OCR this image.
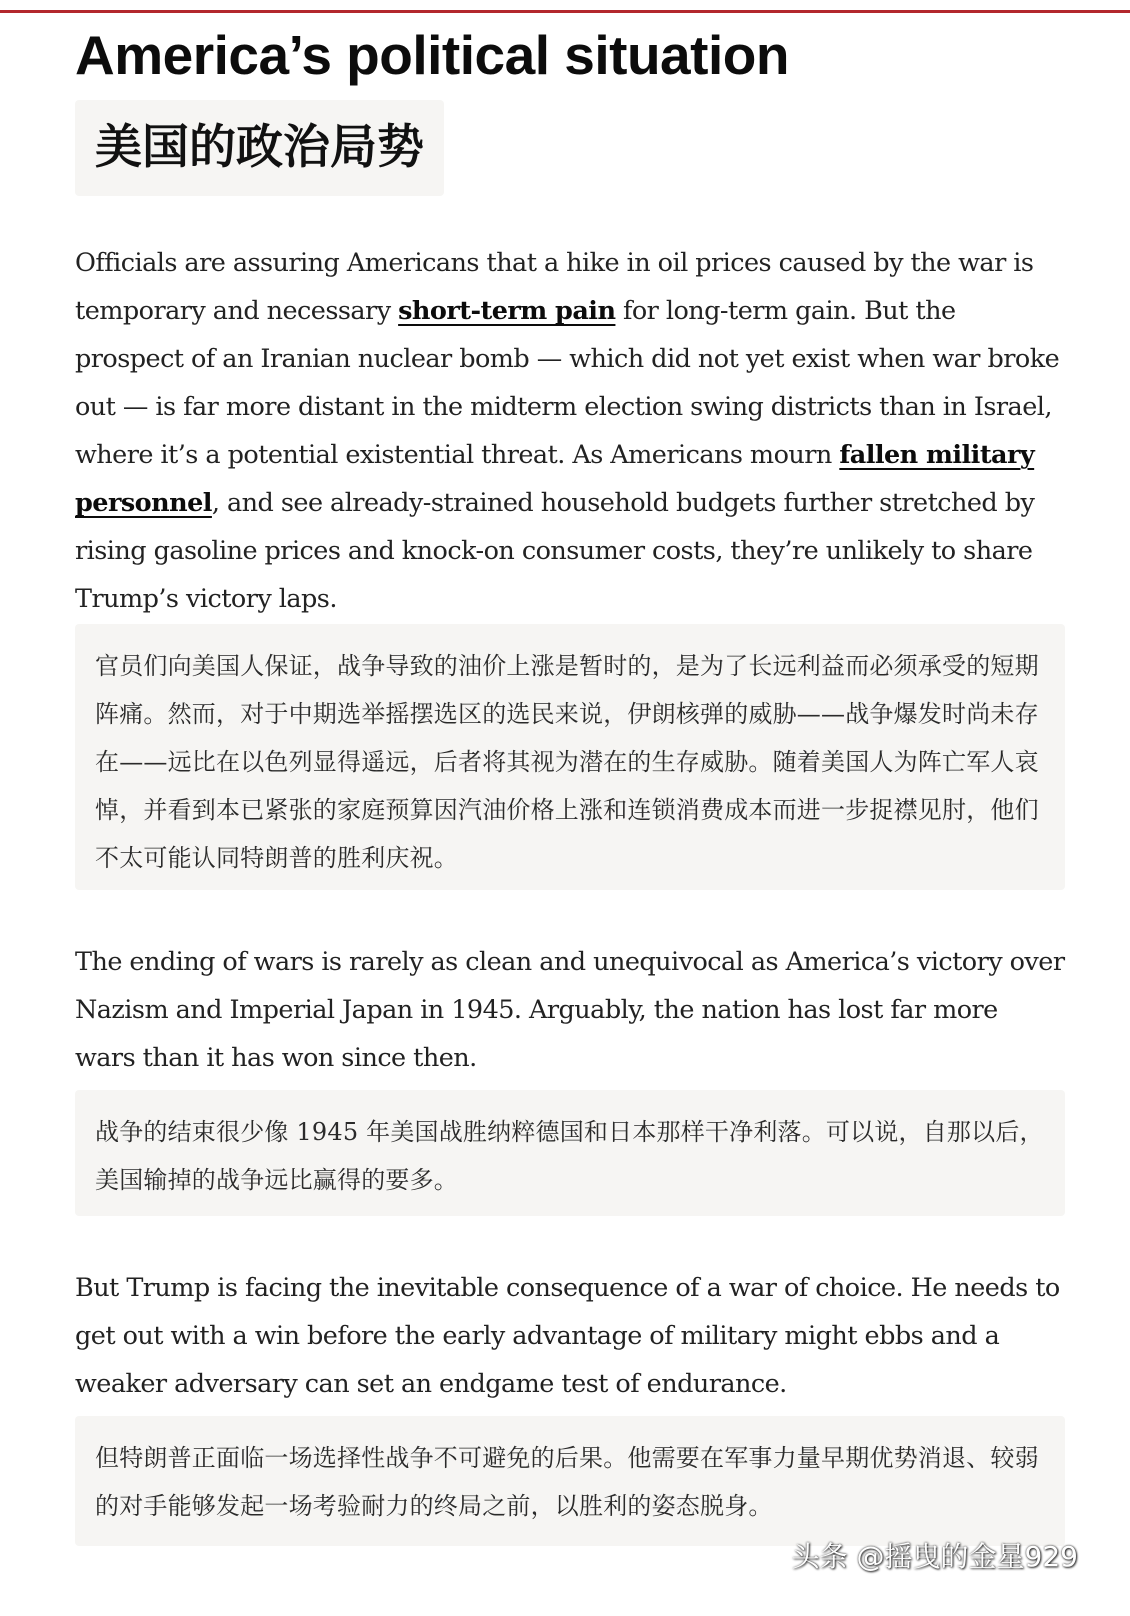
America’s political situation
美国的政治局势

Officials are assuring Americans that a hike in oil prices caused by the war is temporary and necessary short-term pain for long-term gain. But the prospect of an Iranian nuclear bomb — which did not yet exist when war broke out — is far more distant in the midterm election swing districts than in Israel, where it’s a potential existential threat. As Americans mourn fallen military personnel, and see already-strained household budgets further stretched by rising gasoline prices and knock-on consumer costs, they’re unlikely to share Trump’s victory laps.

官员们向美国人保证，战争导致的油价上涨是暂时的，是为了长远利益而必须承受的短期阵痛。然而，对于中期选举摇摆选区的选民来说，伊朗核弹的威胁——战争爆发时尚未存在——远比在以色列显得遥远，后者将其视为潜在的生存威胁。随着美国人为阵亡军人哀悼，并看到本已紧张的家庭预算因汽油价格上涨和连锁消费成本而进一步捉襟见肘，他们不太可能认同特朗普的胜利庆祝。

The ending of wars is rarely as clean and unequivocal as America’s victory over Nazism and Imperial Japan in 1945. Arguably, the nation has lost far more wars than it has won since then.

战争的结束很少像 1945 年美国战胜纳粹德国和日本那样干净利落。可以说，自那以后，美国输掉的战争远比赢得的要多。

But Trump is facing the inevitable consequence of a war of choice. He needs to get out with a win before the early advantage of military might ebbs and a weaker adversary can set an endgame test of endurance.

但特朗普正面临一场选择性战争不可避免的后果。他需要在军事力量早期优势消退、较弱的对手能够发起一场考验耐力的终局之前，以胜利的姿态脱身。

头条 @摇曳的金星929
